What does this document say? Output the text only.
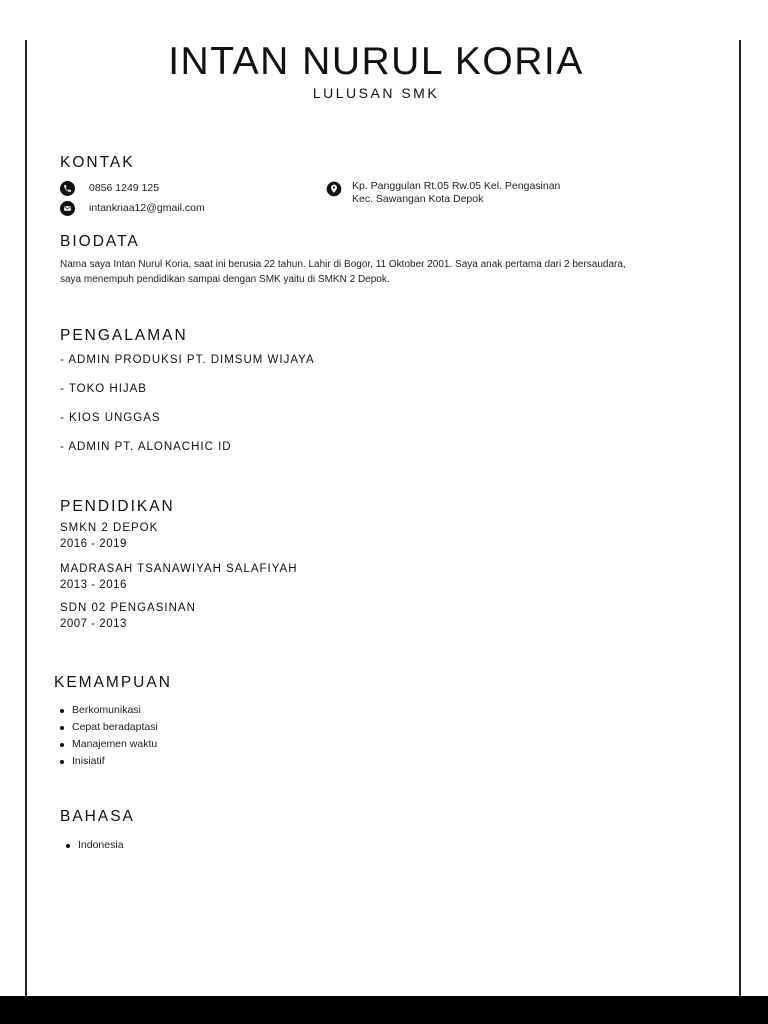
INTAN NURUL KORIA
LULUSAN SMK
KONTAK
0856 1249 125
intankriaa12@gmail.com
Kp. Panggulan Rt.05 Rw.05 Kel. Pengasinan
Kec. Sawangan Kota Depok
BIODATA
Nama saya Intan Nurul Koria, saat ini berusia 22 tahun. Lahir di Bogor, 11 Oktober 2001. Saya anak pertama dari 2 bersaudara,
saya menempuh pendidikan sampai dengan SMK yaitu di SMKN 2 Depok.
PENGALAMAN
- ADMIN PRODUKSI PT. DIMSUM WIJAYA
- TOKO HIJAB
- KIOS UNGGAS
- ADMIN PT. ALONACHIC ID
PENDIDIKAN
SMKN 2 DEPOK
2016 - 2019
MADRASAH TSANAWIYAH SALAFIYAH
2013 - 2016
SDN 02 PENGASINAN
2007 - 2013
KEMAMPUAN
Berkomunikasi
Cepat beradaptasi
Manajemen waktu
Inisiatif
BAHASA
Indonesia
